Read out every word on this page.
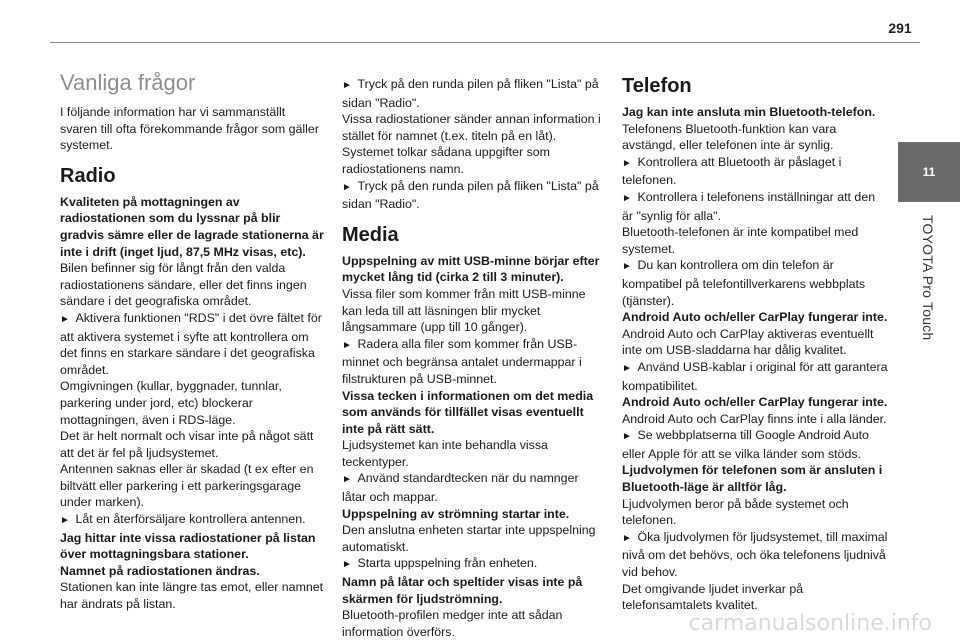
291
11
TOYOTA Pro Touch
Vanliga frågor

I följande information har vi sammanställt svaren till ofta förekommande frågor som gäller systemet.

Radio

Kvaliteten på mottagningen av radiostationen som du lyssnar på blir gradvis sämre eller de lagrade stationerna är inte i drift (inget ljud, 87,5 MHz visas, etc).

Bilen befinner sig för långt från den valda radiostationens sändare, eller det finns ingen sändare i det geografiska området.

►  Aktivera funktionen "RDS" i det övre fältet för att aktivera systemet i syfte att kontrollera om det finns en starkare sändare i det geografiska området.

Omgivningen (kullar, byggnader, tunnlar, parkering under jord, etc) blockerar mottagningen, även i RDS-läge.

Det är helt normalt och visar inte på något sätt att det är fel på ljudsystemet.

Antennen saknas eller är skadad (t ex efter en biltvätt eller parkering i ett parkeringsgarage under marken).

►  Låt en återförsäljare kontrollera antennen.

Jag hittar inte vissa radiostationer på listan över mottagningsbara stationer.

Namnet på radiostationen ändras.

Stationen kan inte längre tas emot, eller namnet har ändrats på listan.

►  Tryck på den runda pilen på fliken "Lista" på sidan "Radio".

Vissa radiostationer sänder annan information i stället för namnet (t.ex. titeln på en låt).

Systemet tolkar sådana uppgifter som radiostationens namn.

►  Tryck på den runda pilen på fliken "Lista" på sidan "Radio".

Media

Uppspelning av mitt USB-minne börjar efter mycket lång tid (cirka 2 till 3 minuter).

Vissa filer som kommer från mitt USB-minne kan leda till att läsningen blir mycket långsammare (upp till 10 gånger).

►  Radera alla filer som kommer från USB-minnet och begränsa antalet undermappar i filstrukturen på USB-minnet.

Vissa tecken i informationen om det media som används för tillfället visas eventuellt inte på rätt sätt.

Ljudsystemet kan inte behandla vissa teckentyper.

►  Använd standardtecken när du namnger låtar och mappar.

Uppspelning av strömning startar inte.

Den anslutna enheten startar inte uppspelning automatiskt.

►  Starta uppspelning från enheten.

Namn på låtar och speltider visas inte på skärmen för ljudströmning.

Bluetooth-profilen medger inte att sådan information överförs.

Telefon

Jag kan inte ansluta min Bluetooth-telefon.

Telefonens Bluetooth-funktion kan vara avstängd, eller telefonen inte är synlig.

►  Kontrollera att Bluetooth är påslaget i telefonen.

►  Kontrollera i telefonens inställningar att den är "synlig för alla".

Bluetooth-telefonen är inte kompatibel med systemet.

►  Du kan kontrollera om din telefon är kompatibel på telefontillverkarens webbplats (tjänster).

Android Auto och/eller CarPlay fungerar inte.

Android Auto och CarPlay aktiveras eventuellt inte om USB-sladdarna har dålig kvalitet.

►  Använd USB-kablar i original för att garantera kompatibilitet.

Android Auto och/eller CarPlay fungerar inte.

Android Auto och CarPlay finns inte i alla länder.

►  Se webbplatserna till Google Android Auto eller Apple för att se vilka länder som stöds.

Ljudvolymen för telefonen som är ansluten i Bluetooth-läge är alltför låg.

Ljudvolymen beror på både systemet och telefonen.

►  Öka ljudvolymen för ljudsystemet, till maximal nivå om det behövs, och öka telefonens ljudnivå vid behov.

Det omgivande ljudet inverkar på telefonsamtalets kvalitet.

carmanualsonline.info
